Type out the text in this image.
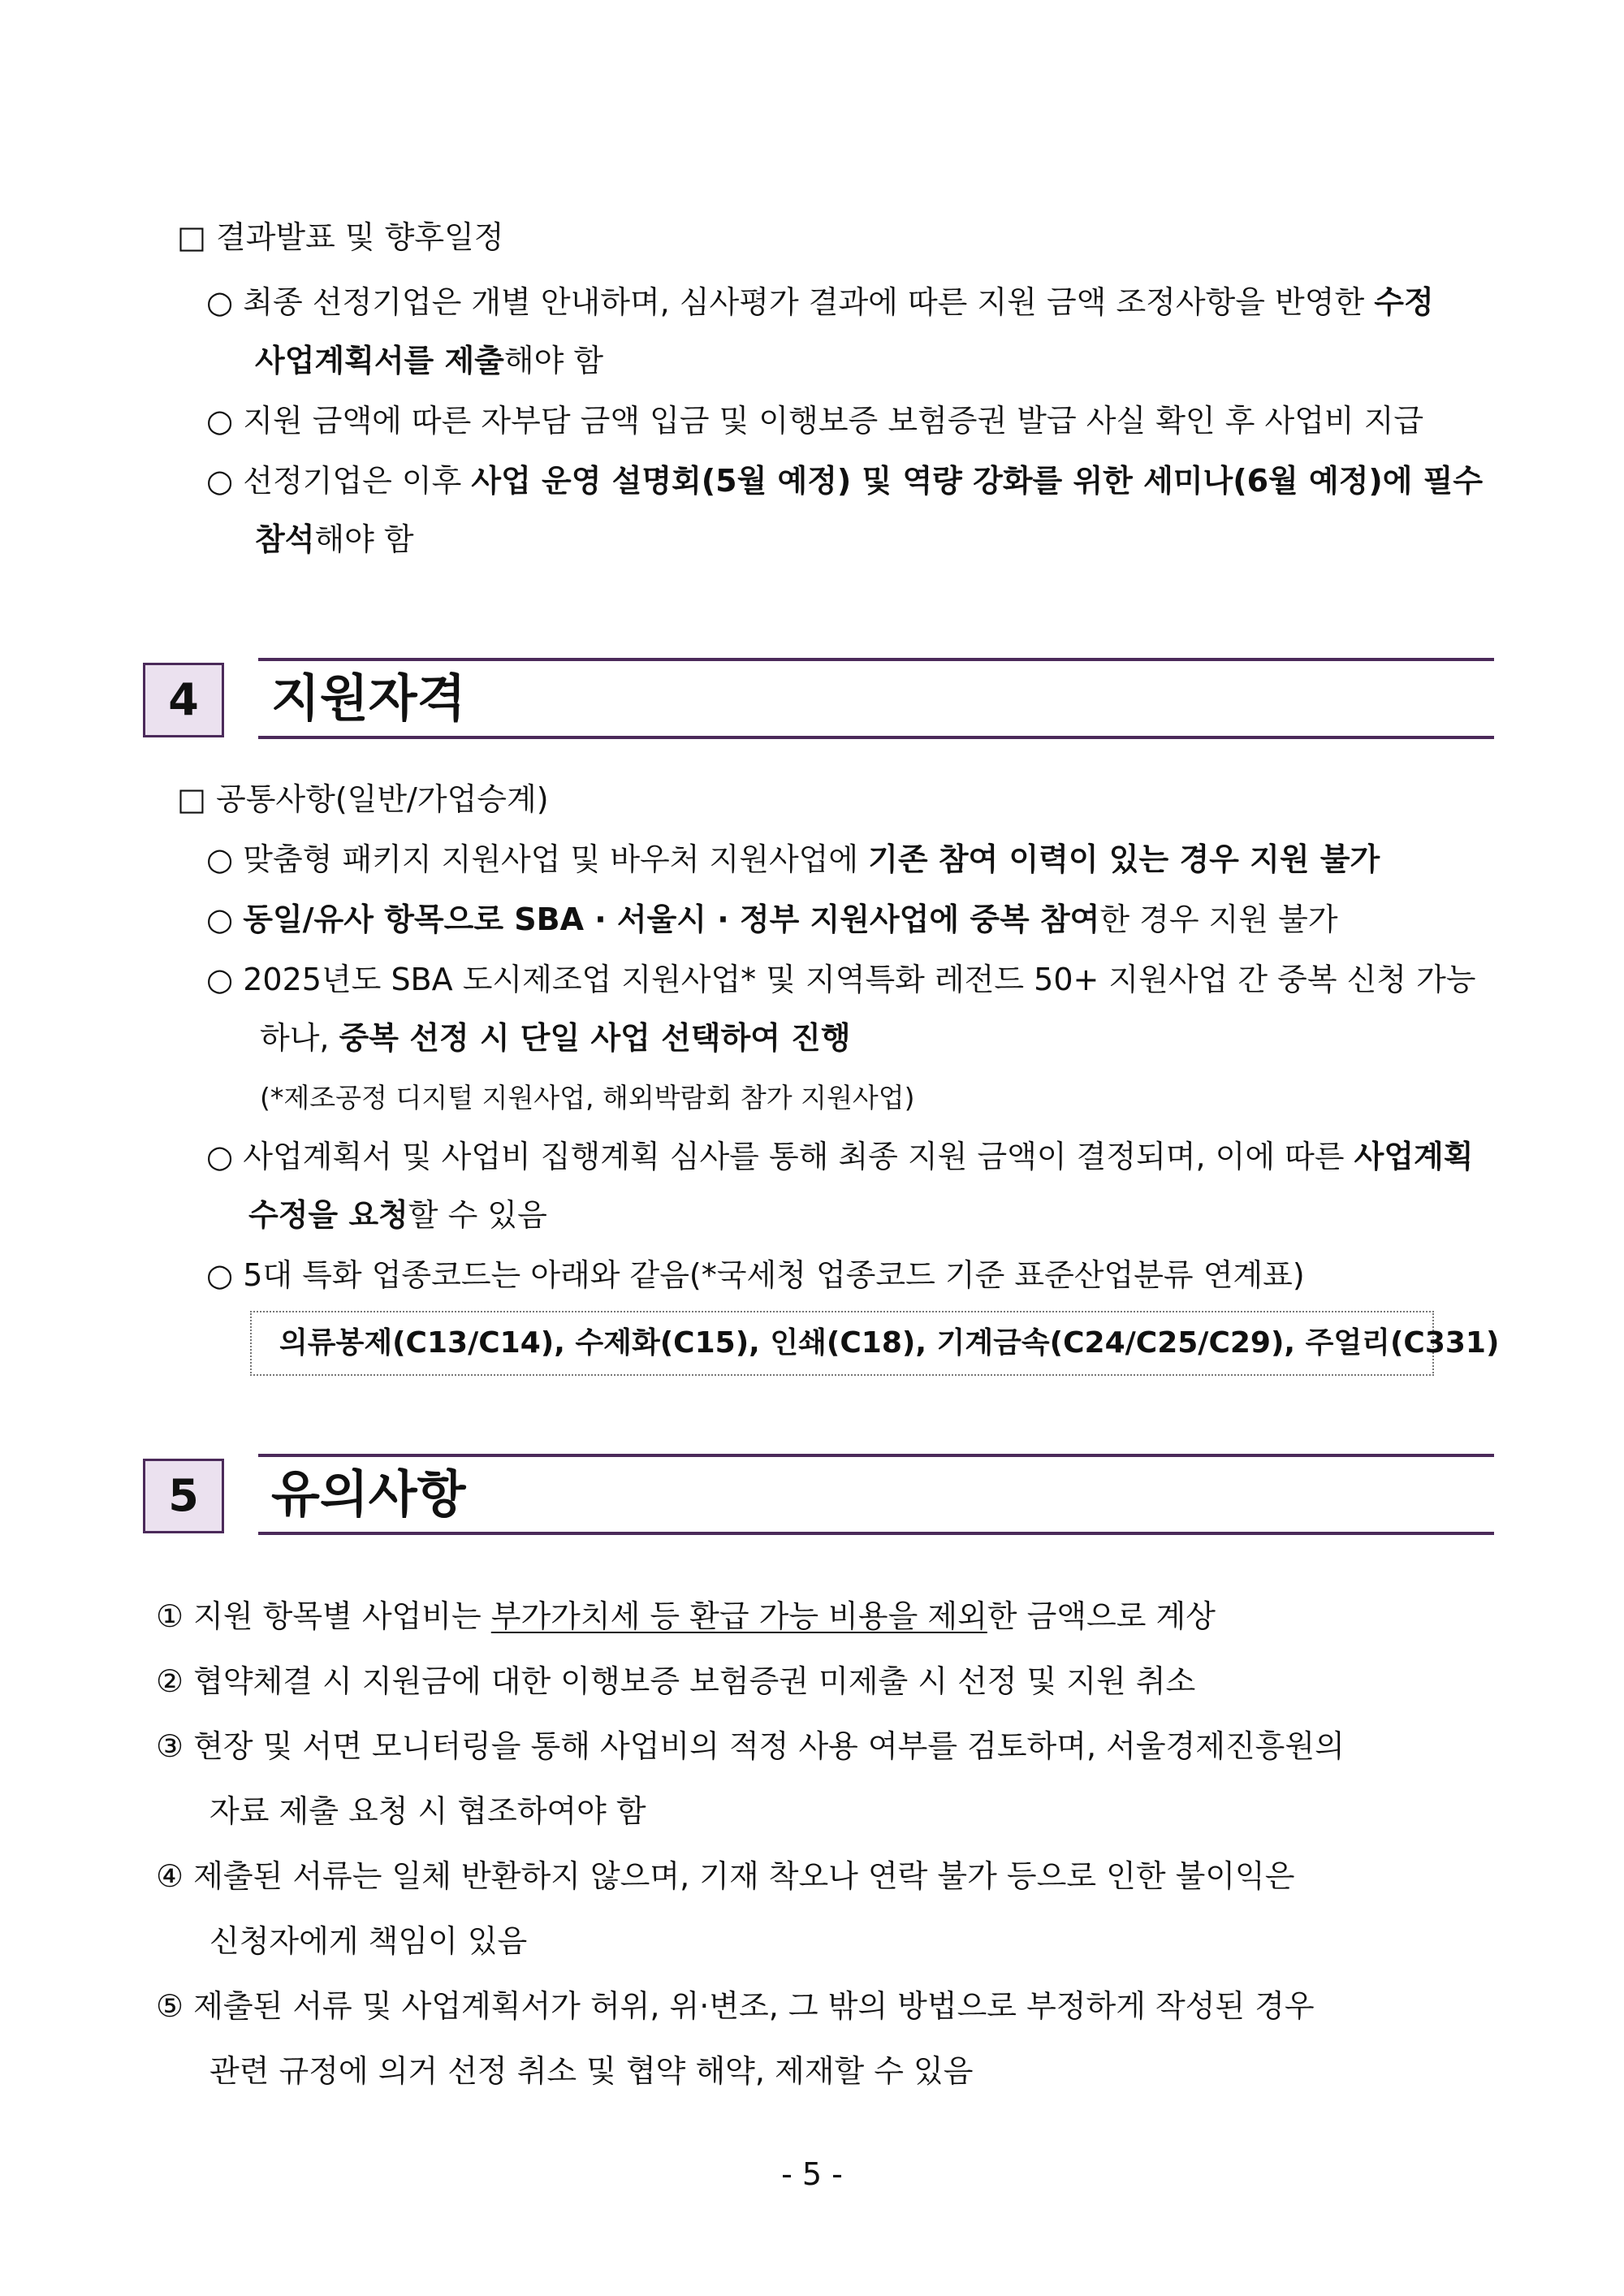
□ 결과발표 및 향후일정
○ 최종 선정기업은 개별 안내하며, 심사평가 결과에 따른 지원 금액 조정사항을 반영한 수정
사업계획서를 제출해야 함
○ 지원 금액에 따른 자부담 금액 입금 및 이행보증 보험증권 발급 사실 확인 후 사업비 지급
○ 선정기업은 이후 사업 운영 설명회(5월 예정) 및 역량 강화를 위한 세미나(6월 예정)에 필수
참석해야 함
4	지원자격
□ 공통사항(일반/가업승계)
○ 맞춤형 패키지 지원사업 및 바우처 지원사업에 기존 참여 이력이 있는 경우 지원 불가
○ 동일/유사 항목으로 SBA · 서울시 · 정부 지원사업에 중복 참여한 경우 지원 불가
○ 2025년도 SBA 도시제조업 지원사업* 및 지역특화 레전드 50+ 지원사업 간 중복 신청 가능
하나, 중복 선정 시 단일 사업 선택하여 진행
(*제조공정 디지털 지원사업, 해외박람회 참가 지원사업)
○ 사업계획서 및 사업비 집행계획 심사를 통해 최종 지원 금액이 결정되며, 이에 따른 사업계획
수정을 요청할 수 있음
○ 5대 특화 업종코드는 아래와 같음(*국세청 업종코드 기준 표준산업분류 연계표)
의류봉제(C13/C14), 수제화(C15), 인쇄(C18), 기계금속(C24/C25/C29), 주얼리(C331)
5	유의사항
① 지원 항목별 사업비는 부가가치세 등 환급 가능 비용을 제외한 금액으로 계상
② 협약체결 시 지원금에 대한 이행보증 보험증권 미제출 시 선정 및 지원 취소
③ 현장 및 서면 모니터링을 통해 사업비의 적정 사용 여부를 검토하며, 서울경제진흥원의
자료 제출 요청 시 협조하여야 함
④ 제출된 서류는 일체 반환하지 않으며, 기재 착오나 연락 불가 등으로 인한 불이익은
신청자에게 책임이 있음
⑤ 제출된 서류 및 사업계획서가 허위, 위·변조, 그 밖의 방법으로 부정하게 작성된 경우
관련 규정에 의거 선정 취소 및 협약 해약, 제재할 수 있음
- 5 -
